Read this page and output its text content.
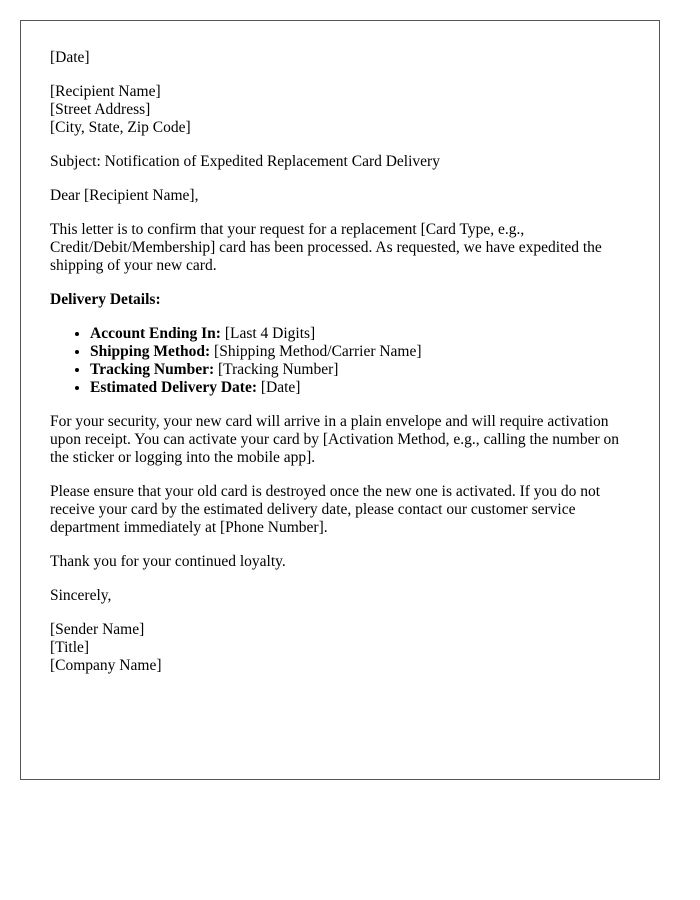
[Date]

[Recipient Name]
[Street Address]
[City, State, Zip Code]

Subject: Notification of Expedited Replacement Card Delivery

Dear [Recipient Name],

This letter is to confirm that your request for a replacement [Card Type, e.g., Credit/Debit/Membership] card has been processed. As requested, we have expedited the shipping of your new card.

Delivery Details:

• Account Ending In: [Last 4 Digits]
• Shipping Method: [Shipping Method/Carrier Name]
• Tracking Number: [Tracking Number]
• Estimated Delivery Date: [Date]

For your security, your new card will arrive in a plain envelope and will require activation upon receipt. You can activate your card by [Activation Method, e.g., calling the number on the sticker or logging into the mobile app].

Please ensure that your old card is destroyed once the new one is activated. If you do not receive your card by the estimated delivery date, please contact our customer service department immediately at [Phone Number].

Thank you for your continued loyalty.

Sincerely,

[Sender Name]
[Title]
[Company Name]
